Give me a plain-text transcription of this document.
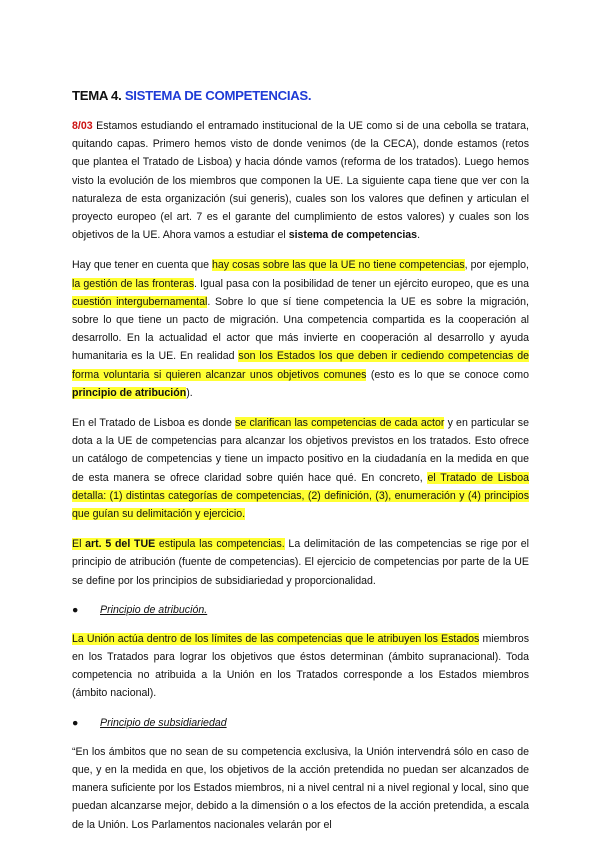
TEMA 4. SISTEMA DE COMPETENCIAS.

8/03 Estamos estudiando el entramado institucional de la UE como si de una cebolla se tratara, quitando capas. Primero hemos visto de donde venimos (de la CECA), donde estamos (retos que plantea el Tratado de Lisboa) y hacia dónde vamos (reforma de los tratados). Luego hemos visto la evolución de los miembros que componen la UE. La siguiente capa tiene que ver con la naturaleza de esta organización (sui generis), cuales son los valores que definen y articulan el proyecto europeo (el art. 7 es el garante del cumplimiento de estos valores) y cuales son los objetivos de la UE. Ahora vamos a estudiar el sistema de competencias.

Hay que tener en cuenta que hay cosas sobre las que la UE no tiene competencias, por ejemplo, la gestión de las fronteras. Igual pasa con la posibilidad de tener un ejército europeo, que es una cuestión intergubernamental. Sobre lo que sí tiene competencia la UE es sobre la migración, sobre lo que tiene un pacto de migración. Una competencia compartida es la cooperación al desarrollo. En la actualidad el actor que más invierte en cooperación al desarrollo y ayuda humanitaria es la UE. En realidad son los Estados los que deben ir cediendo competencias de forma voluntaria si quieren alcanzar unos objetivos comunes (esto es lo que se conoce como principio de atribución).

En el Tratado de Lisboa es donde se clarifican las competencias de cada actor y en particular se dota a la UE de competencias para alcanzar los objetivos previstos en los tratados. Esto ofrece un catálogo de competencias y tiene un impacto positivo en la ciudadanía en la medida en que de esta manera se ofrece claridad sobre quién hace qué. En concreto, el Tratado de Lisboa detalla: (1) distintas categorías de competencias, (2) definición, (3), enumeración y (4) principios que guían su delimitación y ejercicio.

El art. 5 del TUE estipula las competencias. La delimitación de las competencias se rige por el principio de atribución (fuente de competencias). El ejercicio de competencias por parte de la UE se define por los principios de subsidiariedad y proporcionalidad.

● Principio de atribución.

La Unión actúa dentro de los límites de las competencias que le atribuyen los Estados miembros en los Tratados para lograr los objetivos que éstos determinan (ámbito supranacional). Toda competencia no atribuida a la Unión en los Tratados corresponde a los Estados miembros (ámbito nacional).

● Principio de subsidiariedad

“En los ámbitos que no sean de su competencia exclusiva, la Unión intervendrá sólo en caso de que, y en la medida en que, los objetivos de la acción pretendida no puedan ser alcanzados de manera suficiente por los Estados miembros, ni a nivel central ni a nivel regional y local, sino que puedan alcanzarse mejor, debido a la dimensión o a los efectos de la acción pretendida, a escala de la Unión. Los Parlamentos nacionales velarán por el
